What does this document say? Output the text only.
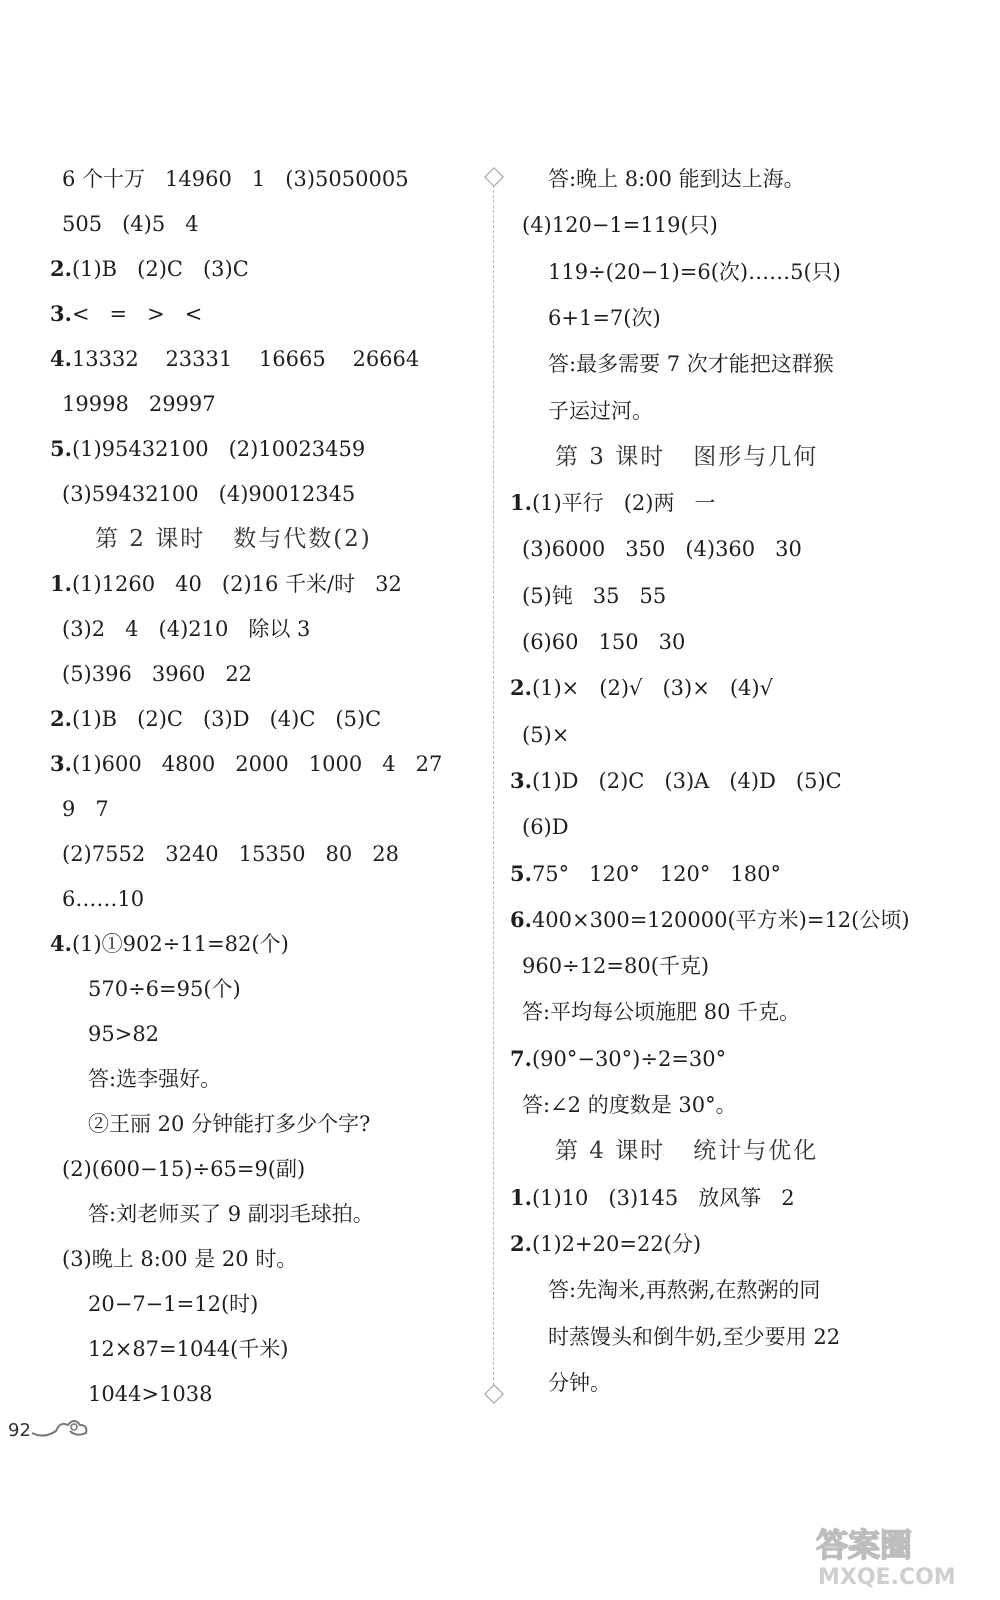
6 个十万   14960   1   (3)5050005
505   (4)5   4
2.(1)B   (2)C   (3)C
3.<   =   >   <
4.13332    23331    16665    26664
19998   29997
5.(1)95432100   (2)10023459
(3)59432100   (4)90012345
第 2 课时   数与代数(2)
1.(1)1260   40   (2)16 千米/时   32
(3)2   4   (4)210   除以 3
(5)396   3960   22
2.(1)B   (2)C   (3)D   (4)C   (5)C
3.(1)600   4800   2000   1000   4   27
9   7
(2)7552   3240   15350   80   28
6……10
4.(1)①902÷11=82(个)
570÷6=95(个)
95>82
答:选李强好。
②王丽 20 分钟能打多少个字?
(2)(600−15)÷65=9(副)
答:刘老师买了 9 副羽毛球拍。
(3)晚上 8:00 是 20 时。
20−7−1=12(时)
12×87=1044(千米)
1044>1038
答:晚上 8:00 能到达上海。
(4)120−1=119(只)
119÷(20−1)=6(次)……5(只)
6+1=7(次)
答:最多需要 7 次才能把这群猴
子运过河。
第 3 课时   图形与几何
1.(1)平行   (2)两   一
(3)6000   350   (4)360   30
(5)钝   35   55
(6)60   150   30
2.(1)×   (2)√   (3)×   (4)√
(5)×
3.(1)D   (2)C   (3)A   (4)D   (5)C
(6)D
5.75°   120°   120°   180°
6.400×300=120000(平方米)=12(公顷)
960÷12=80(千克)
答:平均每公顷施肥 80 千克。
7.(90°−30°)÷2=30°
答:∠2 的度数是 30°。
第 4 课时   统计与优化
1.(1)10   (3)145   放风筝   2
2.(1)2+20=22(分)
答:先淘米,再熬粥,在熬粥的同
时蒸馒头和倒牛奶,至少要用 22
分钟。
92
答案圈
MXQE.COM
